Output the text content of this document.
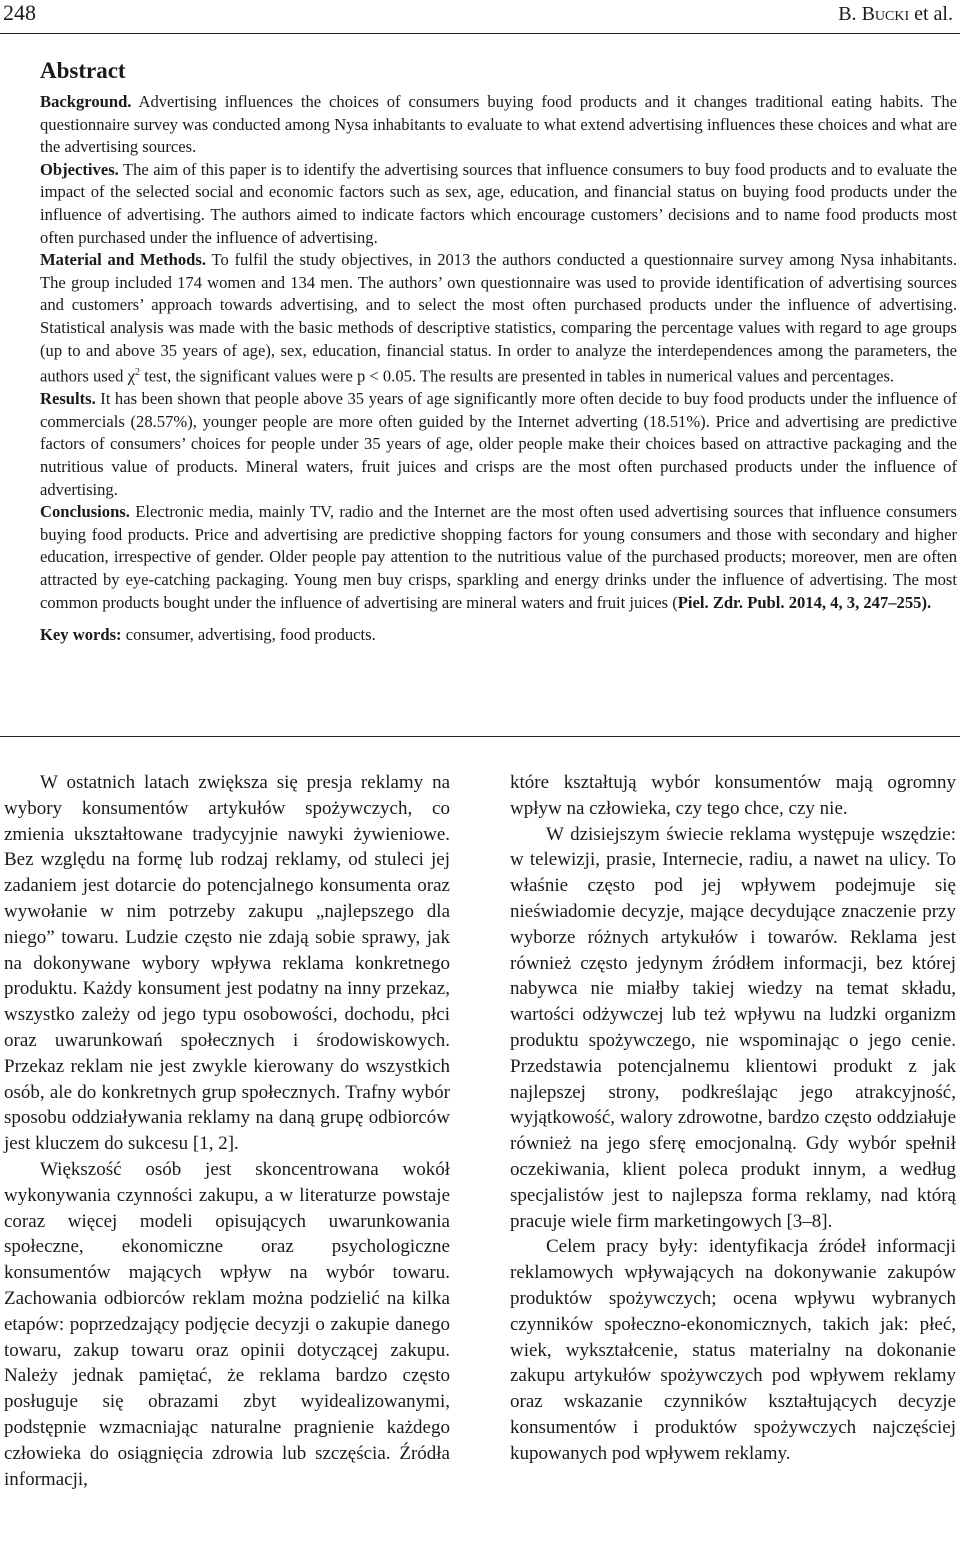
248	B. Bucki et al.
Abstract

Background. Advertising influences the choices of consumers buying food products and it changes traditional eating habits. The questionnaire survey was conducted among Nysa inhabitants to evaluate to what extend advertising influences these choices and what are the advertising sources.

Objectives. The aim of this paper is to identify the advertising sources that influence consumers to buy food products and to evaluate the impact of the selected social and economic factors such as sex, age, education, and financial status on buying food products under the influence of advertising. The authors aimed to indicate factors which encourage customers’ decisions and to name food products most often purchased under the influence of advertising.

Material and Methods. To fulfil the study objectives, in 2013 the authors conducted a questionnaire survey among Nysa inhabitants. The group included 174 women and 134 men. The authors’ own questionnaire was used to provide identification of advertising sources and customers’ approach towards advertising, and to select the most often purchased products under the influence of advertising. Statistical analysis was made with the basic methods of descriptive statistics, comparing the percentage values with regard to age groups (up to and above 35 years of age), sex, education, financial status. In order to analyze the interdependences among the parameters, the authors used $\chi^2$ test, the significant values were p < 0.05. The results are presented in tables in numerical values and percentages.

Results. It has been shown that people above 35 years of age significantly more often decide to buy food products under the influence of commercials (28.57%), younger people are more often guided by the Internet adverting (18.51%). Price and advertising are predictive factors of consumers’ choices for people under 35 years of age, older people make their choices based on attractive packaging and the nutritious value of products. Mineral waters, fruit juices and crisps are the most often purchased products under the influence of advertising.

Conclusions. Electronic media, mainly TV, radio and the Internet are the most often used advertising sources that influence consumers buying food products. Price and advertising are predictive shopping factors for young consumers and those with secondary and higher education, irrespective of gender. Older people pay attention to the nutritious value of the purchased products; moreover, men are often attracted by eye-catching packaging. Young men buy crisps, sparkling and energy drinks under the influence of advertising. The most common products bought under the influence of advertising are mineral waters and fruit juices (Piel. Zdr. Publ. 2014, 4, 3, 247–255).

Key words: consumer, advertising, food products.

W ostatnich latach zwiększa się presja reklamy na wybory konsumentów artykułów spożywczych, co zmienia ukształtowane tradycyjnie nawyki żywieniowe. Bez względu na formę lub rodzaj reklamy, od stuleci jej zadaniem jest dotarcie do potencjalnego konsumenta oraz wywołanie w nim potrzeby zakupu „najlepszego dla niego” towaru. Ludzie często nie zdają sobie sprawy, jak na dokonywane wybory wpływa reklama konkretnego produktu. Każdy konsument jest podatny na inny przekaz, wszystko zależy od jego typu osobowości, dochodu, płci oraz uwarunkowań społecznych i środowiskowych. Przekaz reklam nie jest zwykle kierowany do wszystkich osób, ale do konkretnych grup społecznych. Trafny wybór sposobu oddziaływania reklamy na daną grupę odbiorców jest kluczem do sukcesu [1, 2].

Większość osób jest skoncentrowana wokół wykonywania czynności zakupu, a w literaturze powstaje coraz więcej modeli opisujących uwarunkowania społeczne, ekonomiczne oraz psychologiczne konsumentów mających wpływ na wybór towaru. Zachowania odbiorców reklam można podzielić na kilka etapów: poprzedzający podjęcie decyzji o zakupie danego towaru, zakup towaru oraz opinii dotyczącej zakupu. Należy jednak pamiętać, że reklama bardzo często posługuje się obrazami zbyt wyidealizowanymi, podstępnie wzmacniając naturalne pragnienie każdego człowieka do osiągnięcia zdrowia lub szczęścia. Źródła informacji,

które kształtują wybór konsumentów mają ogromny wpływ na człowieka, czy tego chce, czy nie.

W dzisiejszym świecie reklama występuje wszędzie: w telewizji, prasie, Internecie, radiu, a nawet na ulicy. To właśnie często pod jej wpływem podejmuje się nieświadomie decyzje, mające decydujące znaczenie przy wyborze różnych artykułów i towarów. Reklama jest również często jedynym źródłem informacji, bez której nabywca nie miałby takiej wiedzy na temat składu, wartości odżywczej lub też wpływu na ludzki organizm produktu spożywczego, nie wspominając o jego cenie. Przedstawia potencjalnemu klientowi produkt z jak najlepszej strony, podkreślając jego atrakcyjność, wyjątkowość, walory zdrowotne, bardzo często oddziałuje również na jego sferę emocjonalną. Gdy wybór spełnił oczekiwania, klient poleca produkt innym, a według specjalistów jest to najlepsza forma reklamy, nad którą pracuje wiele firm marketingowych [3–8].

Celem pracy były: identyfikacja źródeł informacji reklamowych wpływających na dokonywanie zakupów produktów spożywczych; ocena wpływu wybranych czynników społeczno-ekonomicznych, takich jak: płeć, wiek, wykształcenie, status materialny na dokonanie zakupu artykułów spożywczych pod wpływem reklamy oraz wskazanie czynników kształtujących decyzje konsumentów i produktów spożywczych najczęściej kupowanych pod wpływem reklamy.
